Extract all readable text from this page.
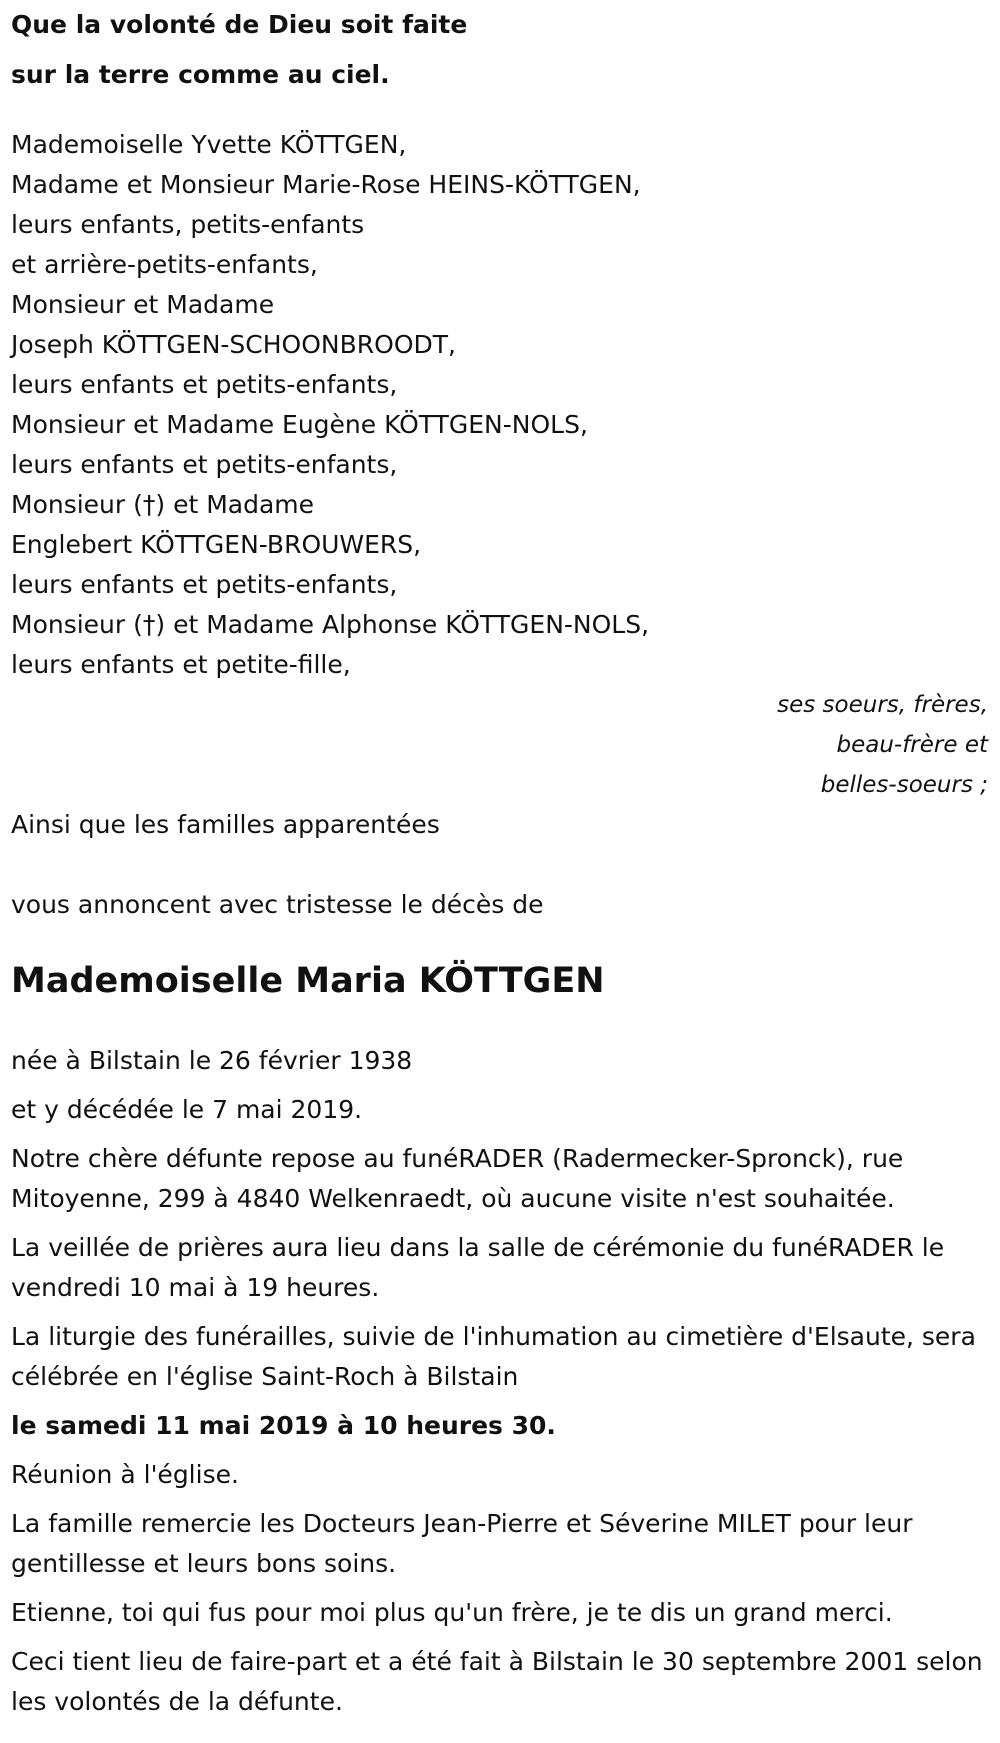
Que la volonté de Dieu soit faite
sur la terre comme au ciel.
Mademoiselle Yvette KÖTTGEN,
Madame et Monsieur Marie-Rose HEINS-KÖTTGEN,
leurs enfants, petits-enfants
et arrière-petits-enfants,
Monsieur et Madame
Joseph KÖTTGEN-SCHOONBROODT,
leurs enfants et petits-enfants,
Monsieur et Madame Eugène KÖTTGEN-NOLS,
leurs enfants et petits-enfants,
Monsieur (†) et Madame
Englebert KÖTTGEN-BROUWERS,
leurs enfants et petits-enfants,
Monsieur (†) et Madame Alphonse KÖTTGEN-NOLS,
leurs enfants et petite-fille,
ses soeurs, frères,
beau-frère et
belles-soeurs ;
Ainsi que les familles apparentées
vous annoncent avec tristesse le décès de
Mademoiselle Maria KÖTTGEN

née à Bilstain le 26 février 1938

et y décédée le 7 mai 2019.

Notre chère défunte repose au funéRADER (Radermecker-Spronck), rue Mitoyenne, 299 à 4840 Welkenraedt, où aucune visite n'est souhaitée.

La veillée de prières aura lieu dans la salle de cérémonie du funéRADER le vendredi 10 mai à 19 heures.

La liturgie des funérailles, suivie de l'inhumation au cimetière d'Elsaute, sera célébrée en l'église Saint-Roch à Bilstain

le samedi 11 mai 2019 à 10 heures 30.

Réunion à l'église.

La famille remercie les Docteurs Jean-Pierre et Séverine MILET pour leur gentillesse et leurs bons soins.

Etienne, toi qui fus pour moi plus qu'un frère, je te dis un grand merci.

Ceci tient lieu de faire-part et a été fait à Bilstain le 30 septembre 2001 selon les volontés de la défunte.
